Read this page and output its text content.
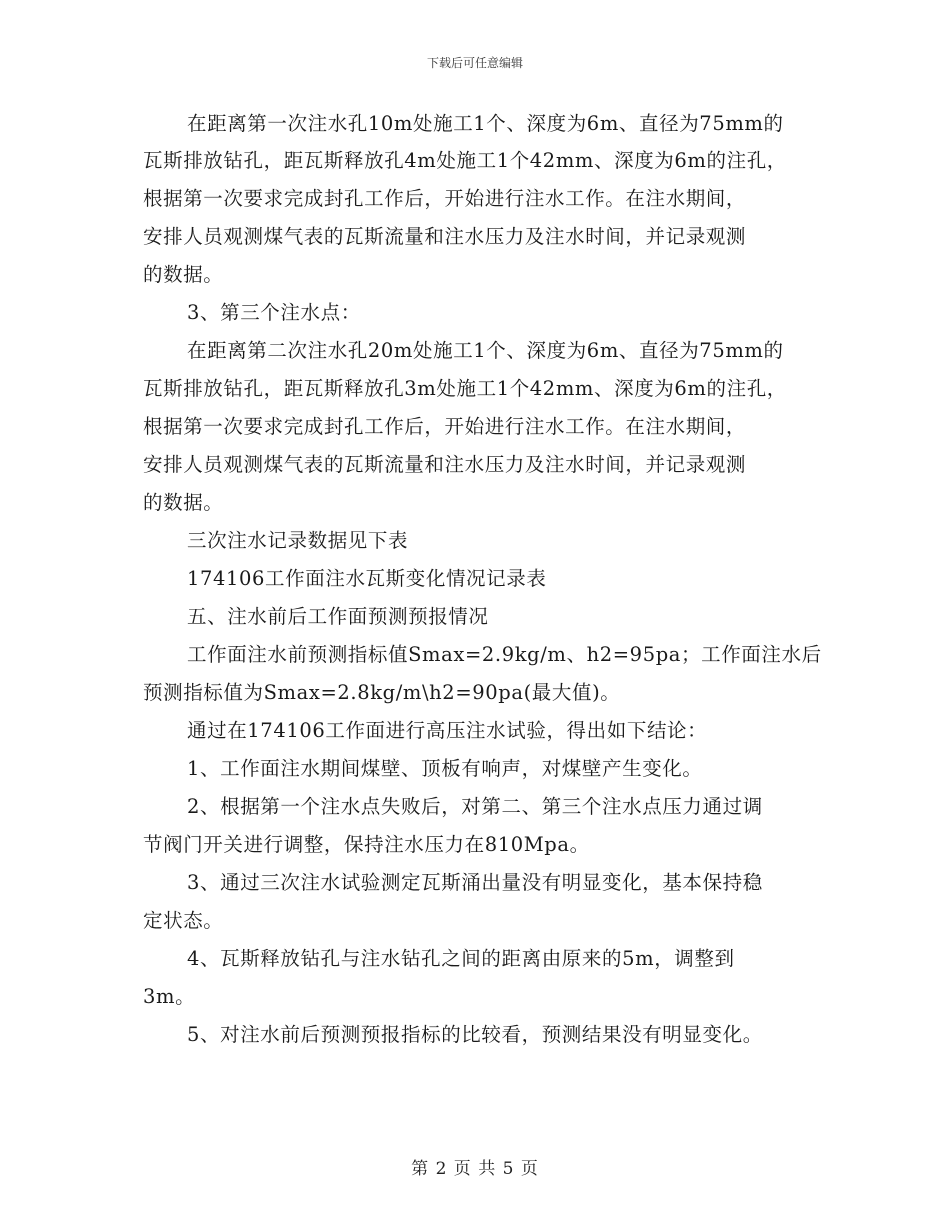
下载后可任意编辑
在距离第一次注水孔10m处施工1个、深度为6m、直径为75mm的
瓦斯排放钻孔，距瓦斯释放孔4m处施工1个42mm、深度为6m的注孔，
根据第一次要求完成封孔工作后，开始进行注水工作。在注水期间，
安排人员观测煤气表的瓦斯流量和注水压力及注水时间，并记录观测
的数据。
3、第三个注水点：
在距离第二次注水孔20m处施工1个、深度为6m、直径为75mm的
瓦斯排放钻孔，距瓦斯释放孔3m处施工1个42mm、深度为6m的注孔，
根据第一次要求完成封孔工作后，开始进行注水工作。在注水期间，
安排人员观测煤气表的瓦斯流量和注水压力及注水时间，并记录观测
的数据。
三次注水记录数据见下表
174106工作面注水瓦斯变化情况记录表
五、注水前后工作面预测预报情况
工作面注水前预测指标值Smax=2.9kg/m、h2=95pa；工作面注水后
预测指标值为Smax=2.8kg/m\h2=90pa(最大值)。
通过在174106工作面进行高压注水试验，得出如下结论：
1、工作面注水期间煤壁、顶板有响声，对煤壁产生变化。
2、根据第一个注水点失败后，对第二、第三个注水点压力通过调
节阀门开关进行调整，保持注水压力在810Mpa。
3、通过三次注水试验测定瓦斯涌出量没有明显变化，基本保持稳
定状态。
4、瓦斯释放钻孔与注水钻孔之间的距离由原来的5m，调整到
3m。
5、对注水前后预测预报指标的比较看，预测结果没有明显变化。
第 2 页 共 5 页
